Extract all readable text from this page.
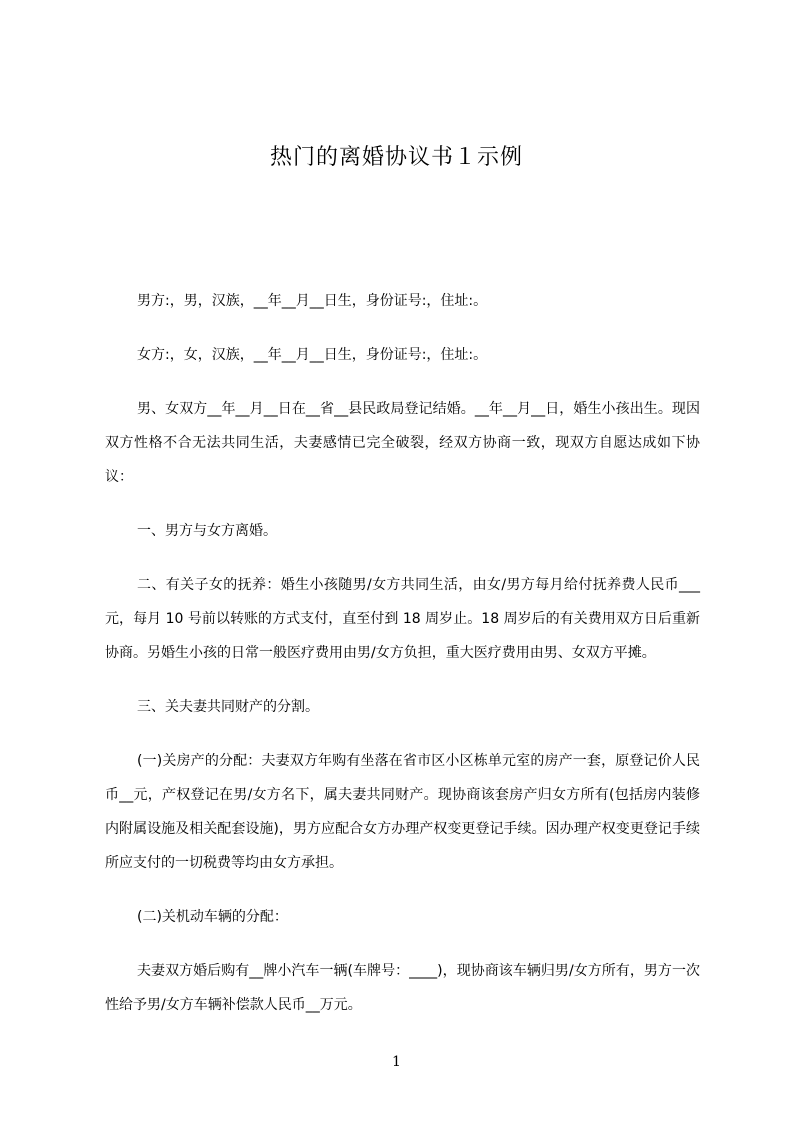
热门的离婚协议书１示例

男方:，男，汉族，__年__月__日生，身份证号:，住址:。

女方:，女，汉族，__年__月__日生，身份证号:，住址:。

男、女双方__年__月__日在__省__县民政局登记结婚。__年__月__日，婚生小孩出生。现因双方性格不合无法共同生活，夫妻感情已完全破裂，经双方协商一致，现双方自愿达成如下协议：

一、男方与女方离婚。

二、有关子女的抚养：婚生小孩随男/女方共同生活，由女/男方每月给付抚养费人民币___元，每月 10 号前以转账的方式支付，直至付到 18 周岁止。18 周岁后的有关费用双方日后重新协商。另婚生小孩的日常一般医疗费用由男/女方负担，重大医疗费用由男、女双方平摊。

三、关夫妻共同财产的分割。

(一)关房产的分配：夫妻双方年购有坐落在省市区小区栋单元室的房产一套，原登记价人民币__元，产权登记在男/女方名下，属夫妻共同财产。现协商该套房产归女方所有(包括房内装修内附属设施及相关配套设施)，男方应配合女方办理产权变更登记手续。因办理产权变更登记手续所应支付的一切税费等均由女方承担。

(二)关机动车辆的分配：

夫妻双方婚后购有__牌小汽车一辆(车牌号：____)，现协商该车辆归男/女方所有，男方一次性给予男/女方车辆补偿款人民币__万元。

1
